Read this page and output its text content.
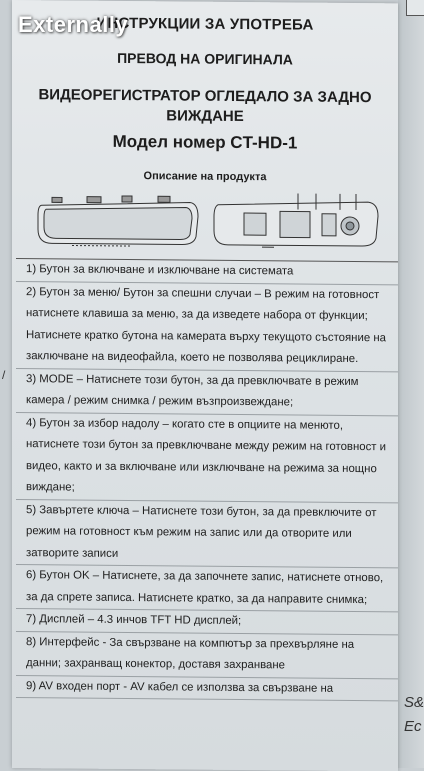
S&
Ec
/
Externally

ИНСТРУКЦИИ ЗА УПОТРЕБА

ПРЕВОД НА ОРИГИНАЛА

ВИДЕОРЕГИСТРАТОР ОГЛЕДАЛО ЗА ЗАДНО ВИЖДАНЕ

Модел номер CT-HD-1

Описание на продукта

1) Бутон за включване и изключване на системата

2) Бутон за меню/ Бутон за спешни случаи – В режим на готовност натиснете клавиша за меню, за да изведете набора от функции; Натиснете кратко бутона на камерата върху текущото състояние на заключване на видеофайла, което не позволява рециклиране.

3) MODE – Натиснете този бутон, за да превключвате в режим камера / режим снимка / режим възпроизвеждане;

4) Бутон за избор надолу – когато сте в опциите на менюто, натиснете този бутон за превключване между режим на готовност и видео, както и за включване или изключване на режима за нощно виждане;

5) Завъртете ключа – Натиснете този бутон, за да превключите от режим на готовност към режим на запис или да отворите или затворите записи

6) Бутон OK – Натиснете, за да започнете запис, натиснете отново, за да спрете записа. Натиснете кратко, за да направите снимка;

7) Дисплей – 4.3 инчов TFT HD дисплей;

8) Интерфейс - За свързване на компютър за прехвърляне на данни; захранващ конектор, доставя захранване

9) AV входен порт - AV кабел се използва за свързване на
